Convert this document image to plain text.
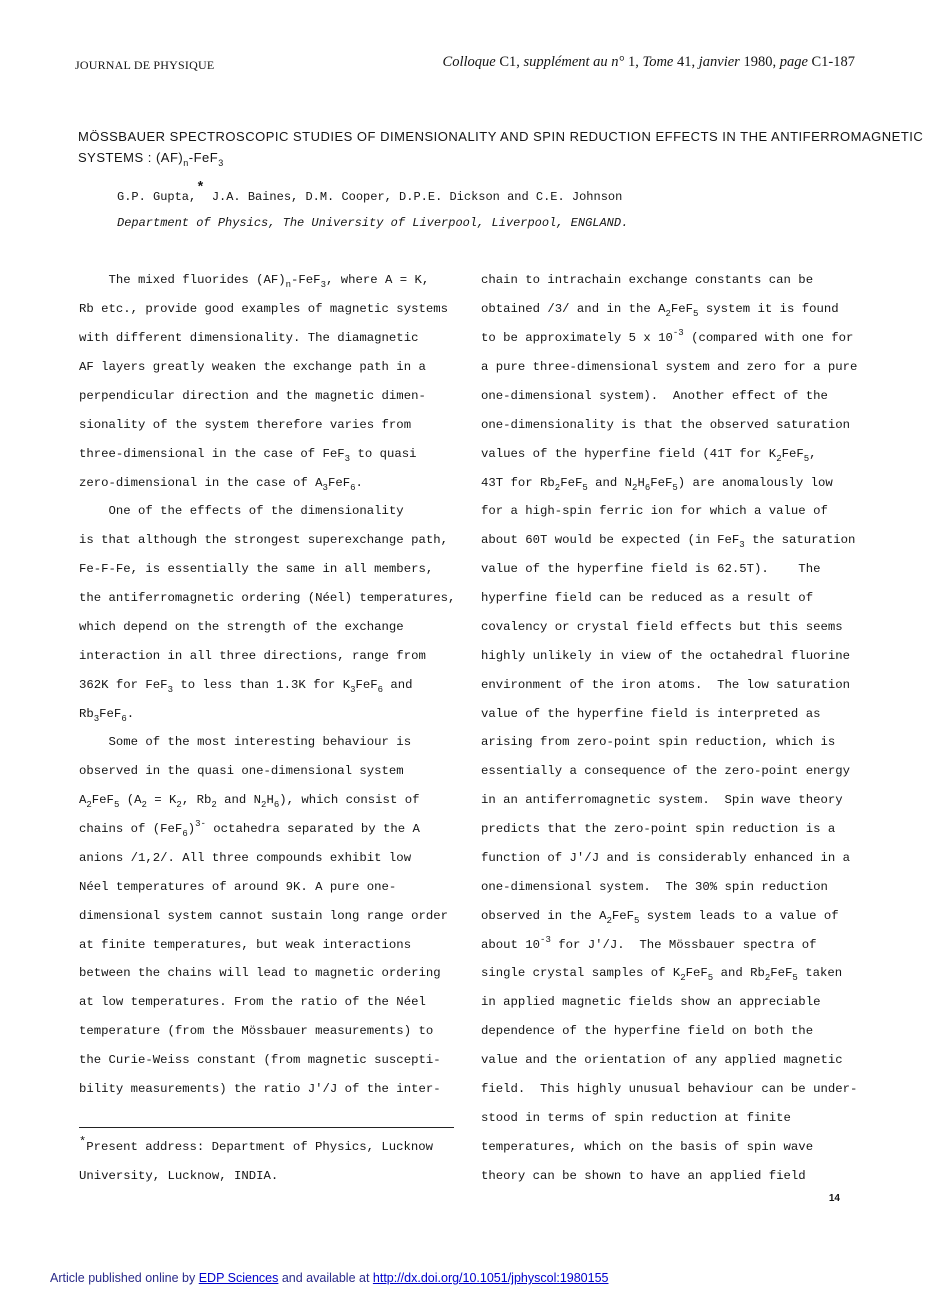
JOURNAL DE PHYSIQUE	Colloque C1, supplément au n° 1, Tome 41, janvier 1980, page C1-187
MÖSSBAUER SPECTROSCOPIC STUDIES OF DIMENSIONALITY AND SPIN REDUCTION EFFECTS IN THE ANTIFERROMAGNETIC
SYSTEMS : $(AF)_n-FeF_3$
G.P. Gupta,* J.A. Baines, D.M. Cooper, D.P.E. Dickson and C.E. Johnson
Department of Physics, The University of Liverpool, Liverpool, ENGLAND.
The mixed fluorides $(AF)_n-FeF_3$, where A = K,
Rb etc., provide good examples of magnetic systems
with different dimensionality. The diamagnetic
AF layers greatly weaken the exchange path in a
perpendicular direction and the magnetic dimen-
sionality of the system therefore varies from
three-dimensional in the case of FeF$_3$ to quasi
zero-dimensional in the case of $A_3FeF_6$.
One of the effects of the dimensionality
is that although the strongest superexchange path,
Fe-F-Fe, is essentially the same in all members,
the antiferromagnetic ordering (Néel) temperatures,
which depend on the strength of the exchange
interaction in all three directions, range from
362K for FeF$_3$ to less than 1.3K for $K_3FeF_6$ and
$Rb_3FeF_6$.
Some of the most interesting behaviour is
observed in the quasi one-dimensional system
$A_2FeF_5$ ($A_2 = K_2$, $Rb_2$ and $N_2H_6$), which consist of
chains of $(FeF_6)^{3-}$ octahedra separated by the A
anions /1,2/. All three compounds exhibit low
Néel temperatures of around 9K. A pure one-
dimensional system cannot sustain long range order
at finite temperatures, but weak interactions
between the chains will lead to magnetic ordering
at low temperatures. From the ratio of the Néel
temperature (from the Mössbauer measurements) to
the Curie-Weiss constant (from magnetic suscepti-
bility measurements) the ratio J'/J of the inter-
*Present address: Department of Physics, Lucknow
University, Lucknow, INDIA.
chain to intrachain exchange constants can be
obtained /3/ and in the $A_2FeF_5$ system it is found
to be approximately 5 x $10^{-3}$ (compared with one for
a pure three-dimensional system and zero for a pure
one-dimensional system).  Another effect of the
one-dimensionality is that the observed saturation
values of the hyperfine field (41T for $K_2FeF_5$,
43T for $Rb_2FeF_5$ and $N_2H_6FeF_5$) are anomalously low
for a high-spin ferric ion for which a value of
about 60T would be expected (in FeF$_3$ the saturation
value of the hyperfine field is 62.5T).    The
hyperfine field can be reduced as a result of
covalency or crystal field effects but this seems
highly unlikely in view of the octahedral fluorine
environment of the iron atoms.  The low saturation
value of the hyperfine field is interpreted as
arising from zero-point spin reduction, which is
essentially a consequence of the zero-point energy
in an antiferromagnetic system.  Spin wave theory
predicts that the zero-point spin reduction is a
function of J'/J and is considerably enhanced in a
one-dimensional system.  The 30% spin reduction
observed in the $A_2FeF_5$ system leads to a value of
about $10^{-3}$ for J'/J.  The Mössbauer spectra of
single crystal samples of $K_2FeF_5$ and $Rb_2FeF_5$ taken
in applied magnetic fields show an appreciable
dependence of the hyperfine field on both the
value and the orientation of any applied magnetic
field.  This highly unusual behaviour can be under-
stood in terms of spin reduction at finite
temperatures, which on the basis of spin wave
theory can be shown to have an applied field
14
Article published online by EDP Sciences and available at http://dx.doi.org/10.1051/jphyscol:1980155
